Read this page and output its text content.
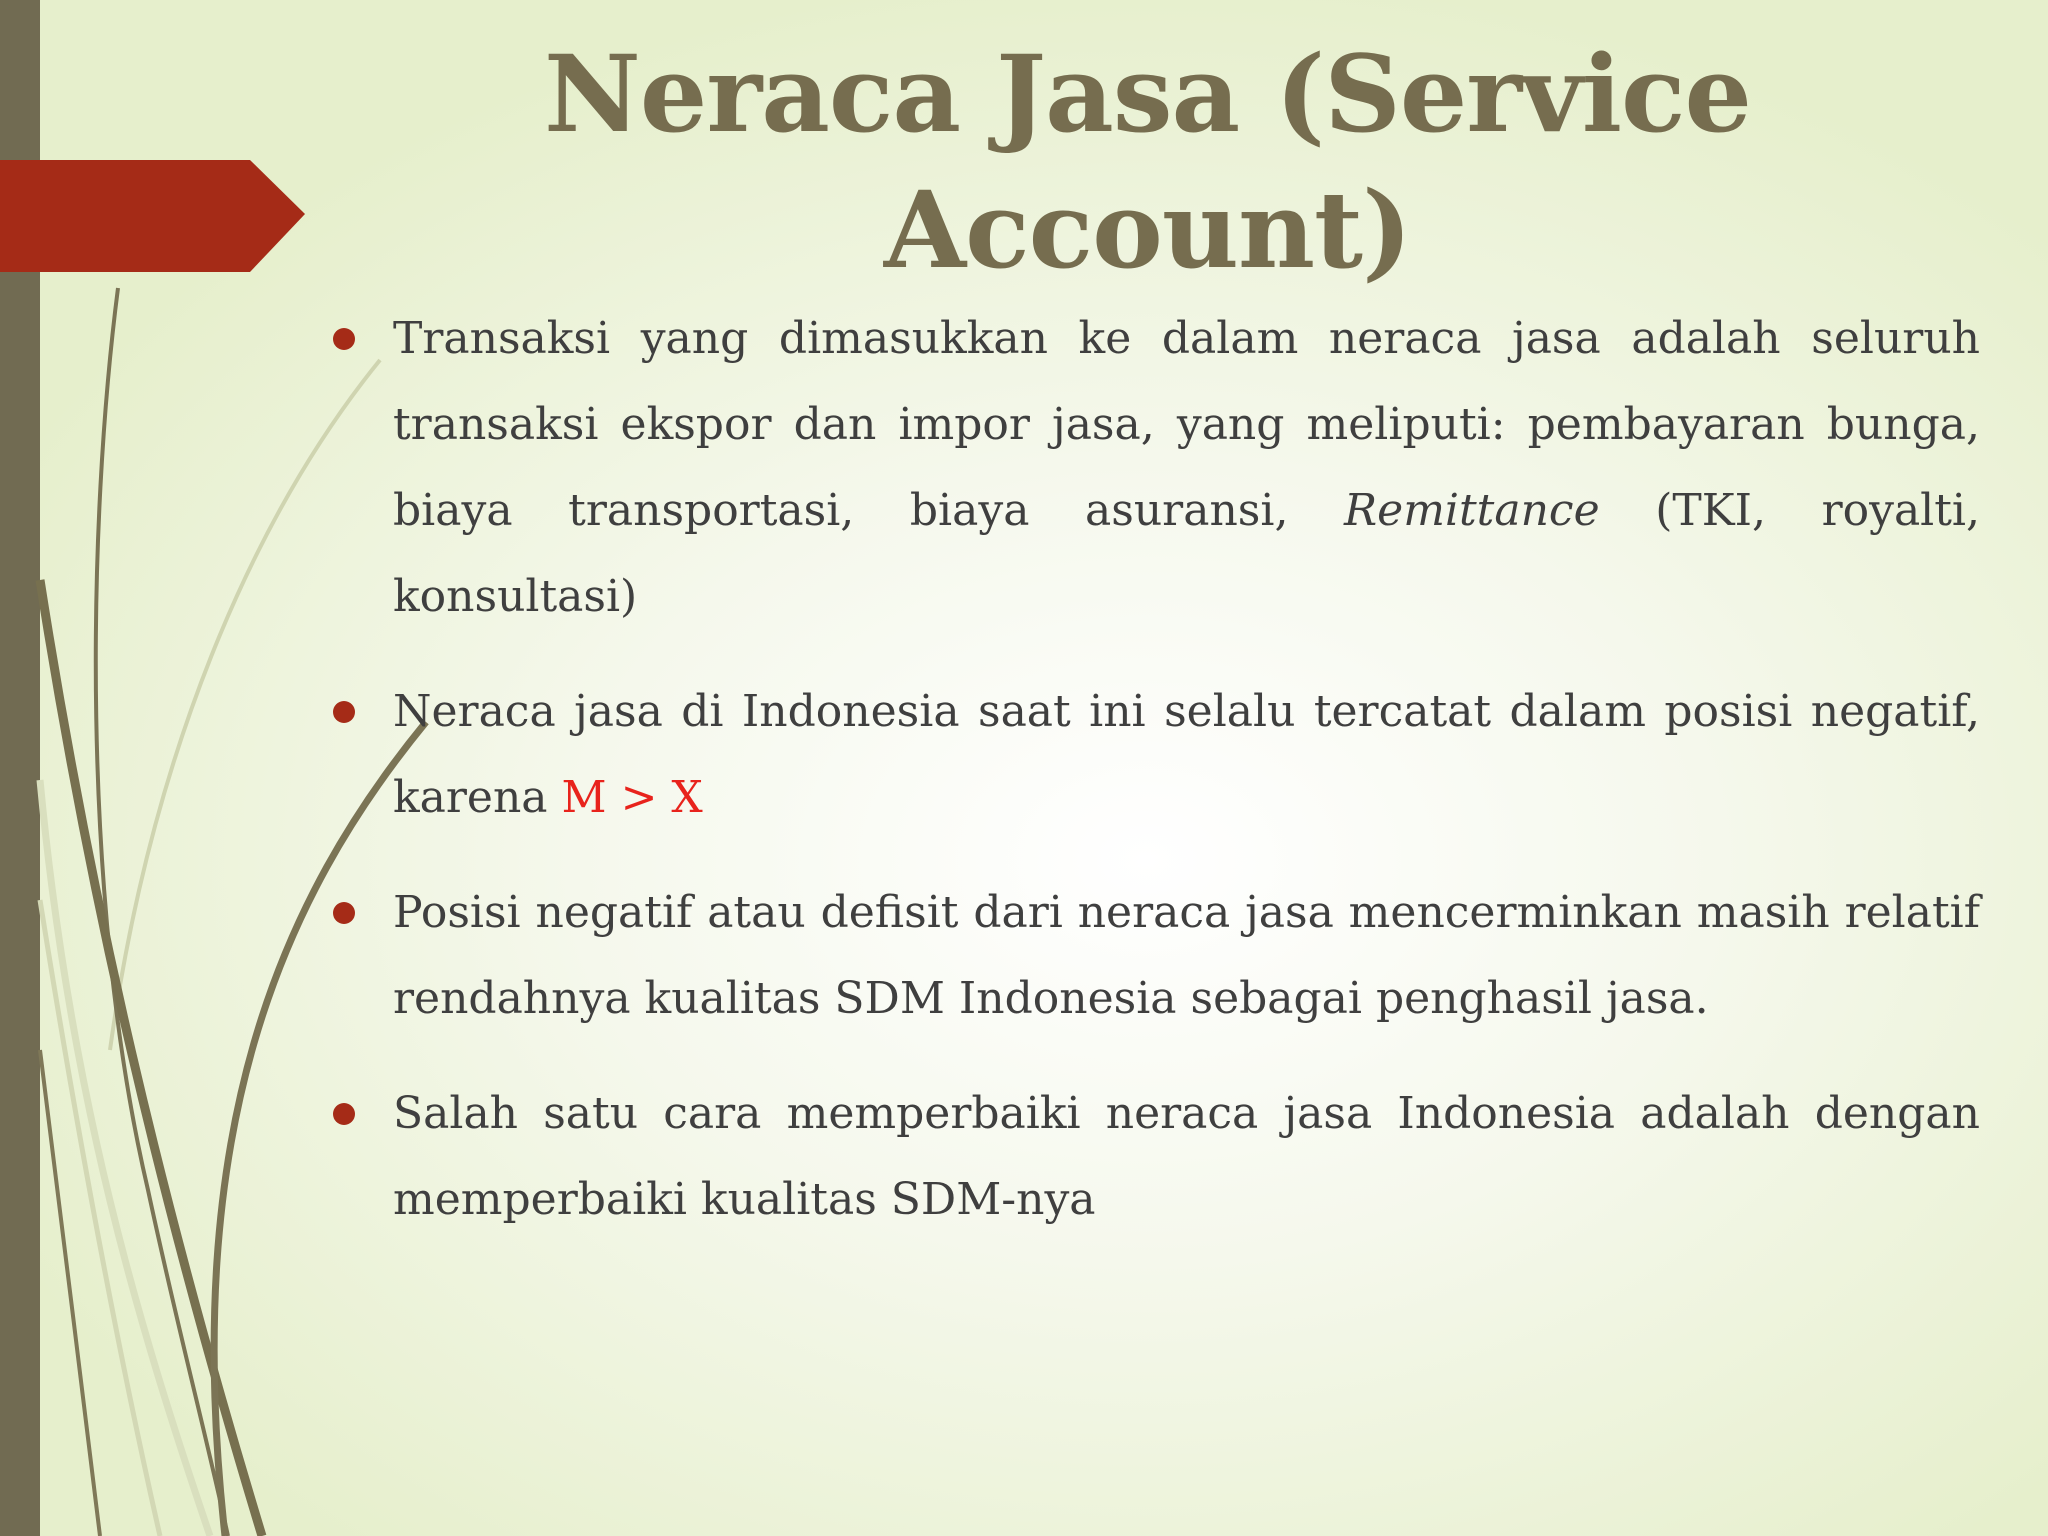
Neraca Jasa (Service Account)
Transaksi yang dimasukkan ke dalam neraca jasa adalah seluruh transaksi ekspor dan impor jasa, yang meliputi: pembayaran bunga, biaya transportasi, biaya asuransi, Remittance (TKI, royalti, konsultasi)
Neraca jasa di Indonesia saat ini selalu tercatat dalam posisi negatif, karena M > X
Posisi negatif atau defisit dari neraca jasa mencerminkan masih relatif rendahnya kualitas SDM Indonesia sebagai penghasil jasa.
Salah satu cara memperbaiki neraca jasa Indonesia adalah dengan memperbaiki kualitas SDM-nya
